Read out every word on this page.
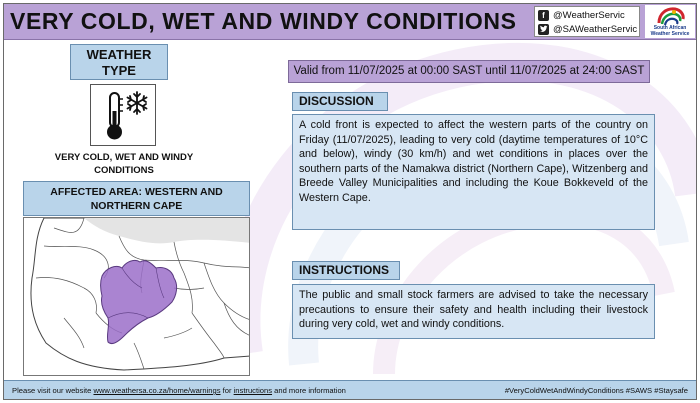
VERY COLD, WET AND WINDY CONDITIONS	f @WeatherServic
@SAWeatherServic	South African Weather Service
WEATHER TYPE
VERY COLD, WET AND WINDY CONDITIONS
AFFECTED AREA: WESTERN AND NORTHERN CAPE
Valid from 11/07/2025 at 00:00 SAST until 11/07/2025 at 24:00 SAST
DISCUSSION
A cold front is expected to affect the western parts of the country on Friday (11/07/2025), leading to very cold (daytime temperatures of 10°C and below), windy (30 km/h) and wet conditions in places over the southern parts of the Namakwa district (Northern Cape), Witzenberg and Breede Valley Municipalities and including the Koue Bokkeveld of the Western Cape.
INSTRUCTIONS
The public and small stock farmers are advised to take the necessary precautions to ensure their safety and health including their livestock during very cold, wet and windy conditions.
Please visit our website www.weathersa.co.za/home/warnings for instructions and more information	#VeryColdWetAndWindyConditions #SAWS #Staysafe
